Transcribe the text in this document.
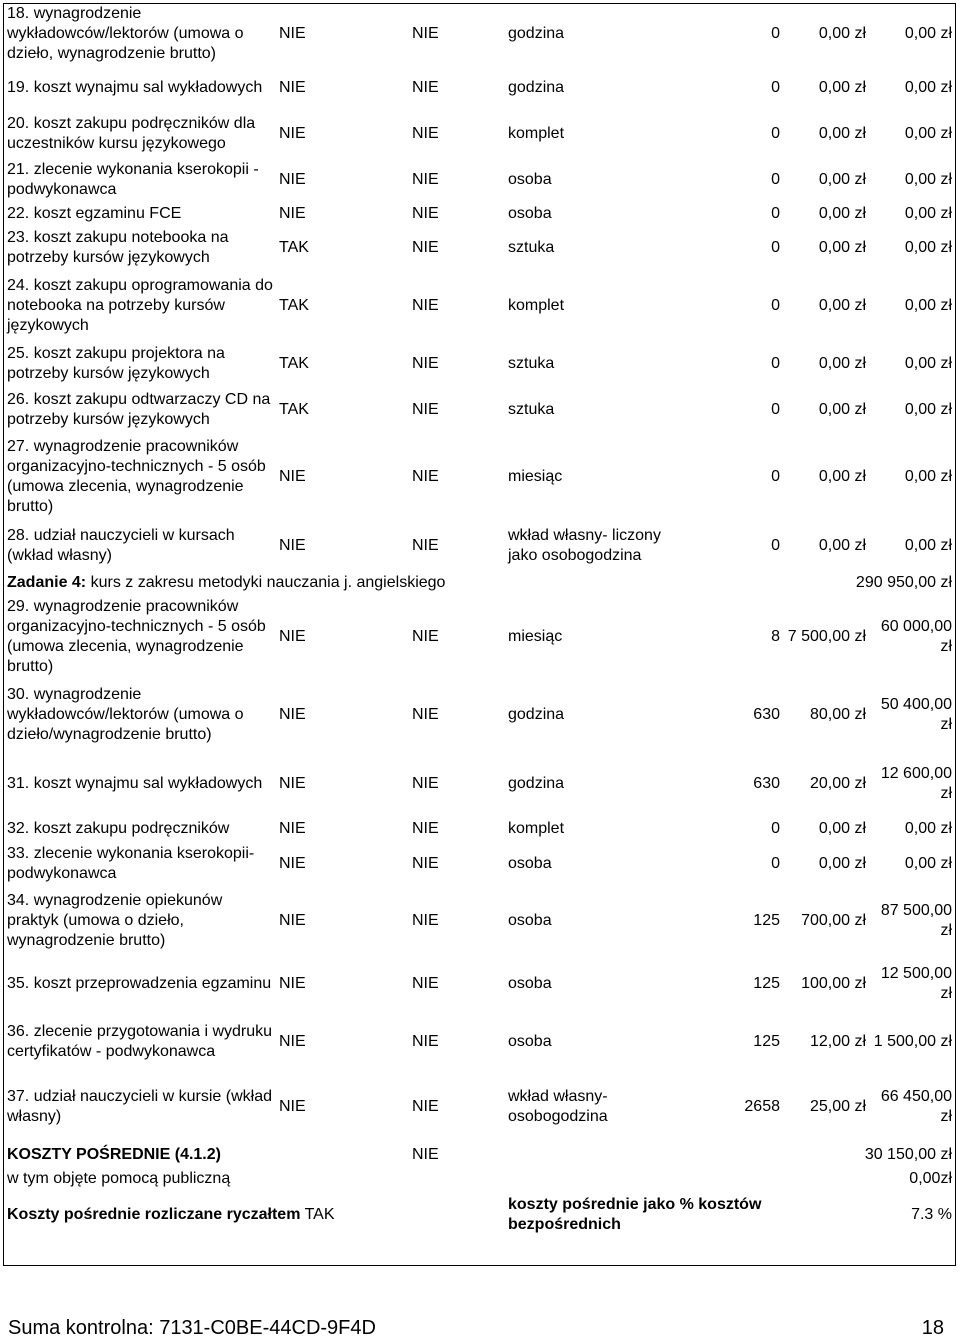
18. wynagrodzenie wykładowców/lektorów (umowa o dzieło, wynagrodzenie brutto)	NIE	NIE	godzina	0	0,00 zł	0,00 zł
19. koszt wynajmu sal wykładowych	NIE	NIE	godzina	0	0,00 zł	0,00 zł
20. koszt zakupu podręczników dla uczestników kursu językowego	NIE	NIE	komplet	0	0,00 zł	0,00 zł
21. zlecenie wykonania kserokopii - podwykonawca	NIE	NIE	osoba	0	0,00 zł	0,00 zł
22. koszt egzaminu FCE	NIE	NIE	osoba	0	0,00 zł	0,00 zł
23. koszt zakupu notebooka na potrzeby kursów językowych	TAK	NIE	sztuka	0	0,00 zł	0,00 zł
24. koszt zakupu oprogramowania do notebooka na potrzeby kursów językowych	TAK	NIE	komplet	0	0,00 zł	0,00 zł
25. koszt zakupu projektora na potrzeby kursów językowych	TAK	NIE	sztuka	0	0,00 zł	0,00 zł
26. koszt zakupu odtwarzaczy CD na potrzeby kursów językowych	TAK	NIE	sztuka	0	0,00 zł	0,00 zł
27. wynagrodzenie pracowników organizacyjno-technicznych - 5 osób (umowa zlecenia, wynagrodzenie brutto)	NIE	NIE	miesiąc	0	0,00 zł	0,00 zł
28. udział nauczycieli w kursach (wkład własny)	NIE	NIE	wkład własny- liczony jako osobogodzina	0	0,00 zł	0,00 zł
Zadanie 4: kurs z zakresu metodyki nauczania j. angielskiego					290 950,00 zł	
29. wynagrodzenie pracowników organizacyjno-technicznych - 5 osób (umowa zlecenia, wynagrodzenie brutto)	NIE	NIE	miesiąc	8	7 500,00 zł	60 000,00 zł
30. wynagrodzenie wykładowców/lektorów (umowa o dzieło/wynagrodzenie brutto)	NIE	NIE	godzina	630	80,00 zł	50 400,00 zł
31. koszt wynajmu sal wykładowych	NIE	NIE	godzina	630	20,00 zł	12 600,00 zł
32. koszt zakupu podręczników	NIE	NIE	komplet	0	0,00 zł	0,00 zł
33. zlecenie wykonania kserokopii-podwykonawca	NIE	NIE	osoba	0	0,00 zł	0,00 zł
34. wynagrodzenie opiekunów praktyk (umowa o dzieło, wynagrodzenie brutto)	NIE	NIE	osoba	125	700,00 zł	87 500,00 zł
35. koszt przeprowadzenia egzaminu	NIE	NIE	osoba	125	100,00 zł	12 500,00 zł
36. zlecenie przygotowania i wydruku certyfikatów - podwykonawca	NIE	NIE	osoba	125	12,00 zł	1 500,00 zł
37. udział nauczycieli w kursie (wkład własny)	NIE	NIE	wkład własny-osobogodzina	2658	25,00 zł	66 450,00 zł
KOSZTY POŚREDNIE (4.1.2)		NIE			30 150,00 zł	
w tym objęte pomocą publiczną					0,00zł	
Koszty pośrednie rozliczane ryczałtem TAK			koszty pośrednie jako % kosztów bezpośrednich		7.3 %	
Suma kontrolna: 7131-C0BE-44CD-9F4D	18
